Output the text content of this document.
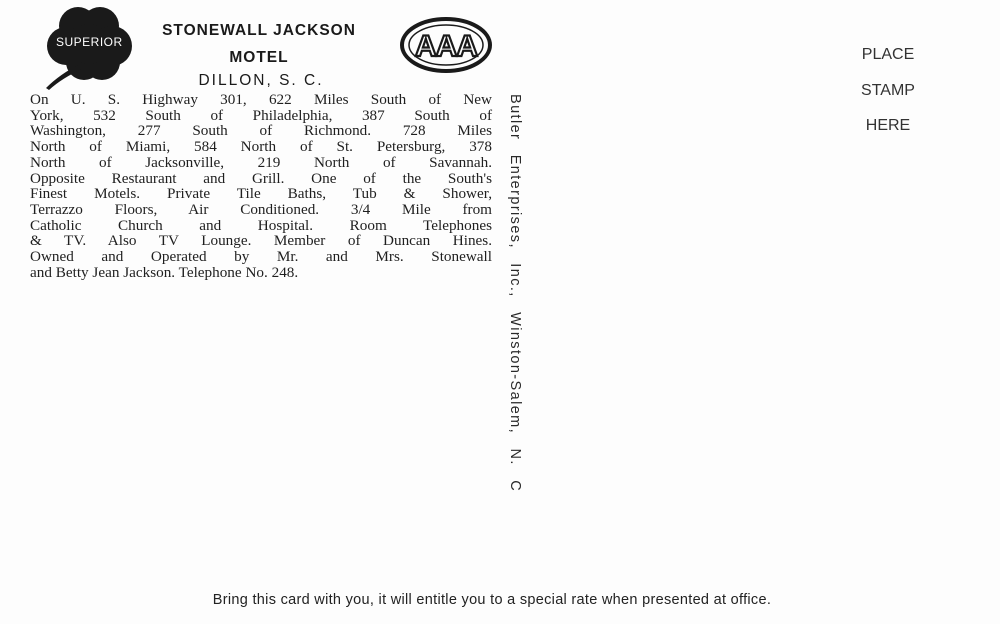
SUPERIOR
STONEWALL JACKSON
MOTEL
DILLON, S. C.
AAA
On U. S. Highway 301, 622 Miles South of New
York, 532 South of Philadelphia, 387 South of
Washington, 277 South of Richmond. 728 Miles
North of Miami, 584 North of St. Petersburg, 378
North of Jacksonville, 219 North of Savannah.
Opposite Restaurant and Grill. One of the South's
Finest Motels. Private Tile Baths, Tub & Shower,
Terrazzo Floors, Air Conditioned. 3/4 Mile from
Catholic Church and Hospital. Room Telephones
& TV. Also TV Lounge. Member of Duncan Hines.
Owned and Operated by Mr. and Mrs. Stonewall
and Betty Jean Jackson. Telephone No. 248.	Butler Enterprises, Inc., Winston-Salem, N. C
PLACE
STAMP
HERE
Bring this card with you, it will entitle you to a special rate when presented at office.
